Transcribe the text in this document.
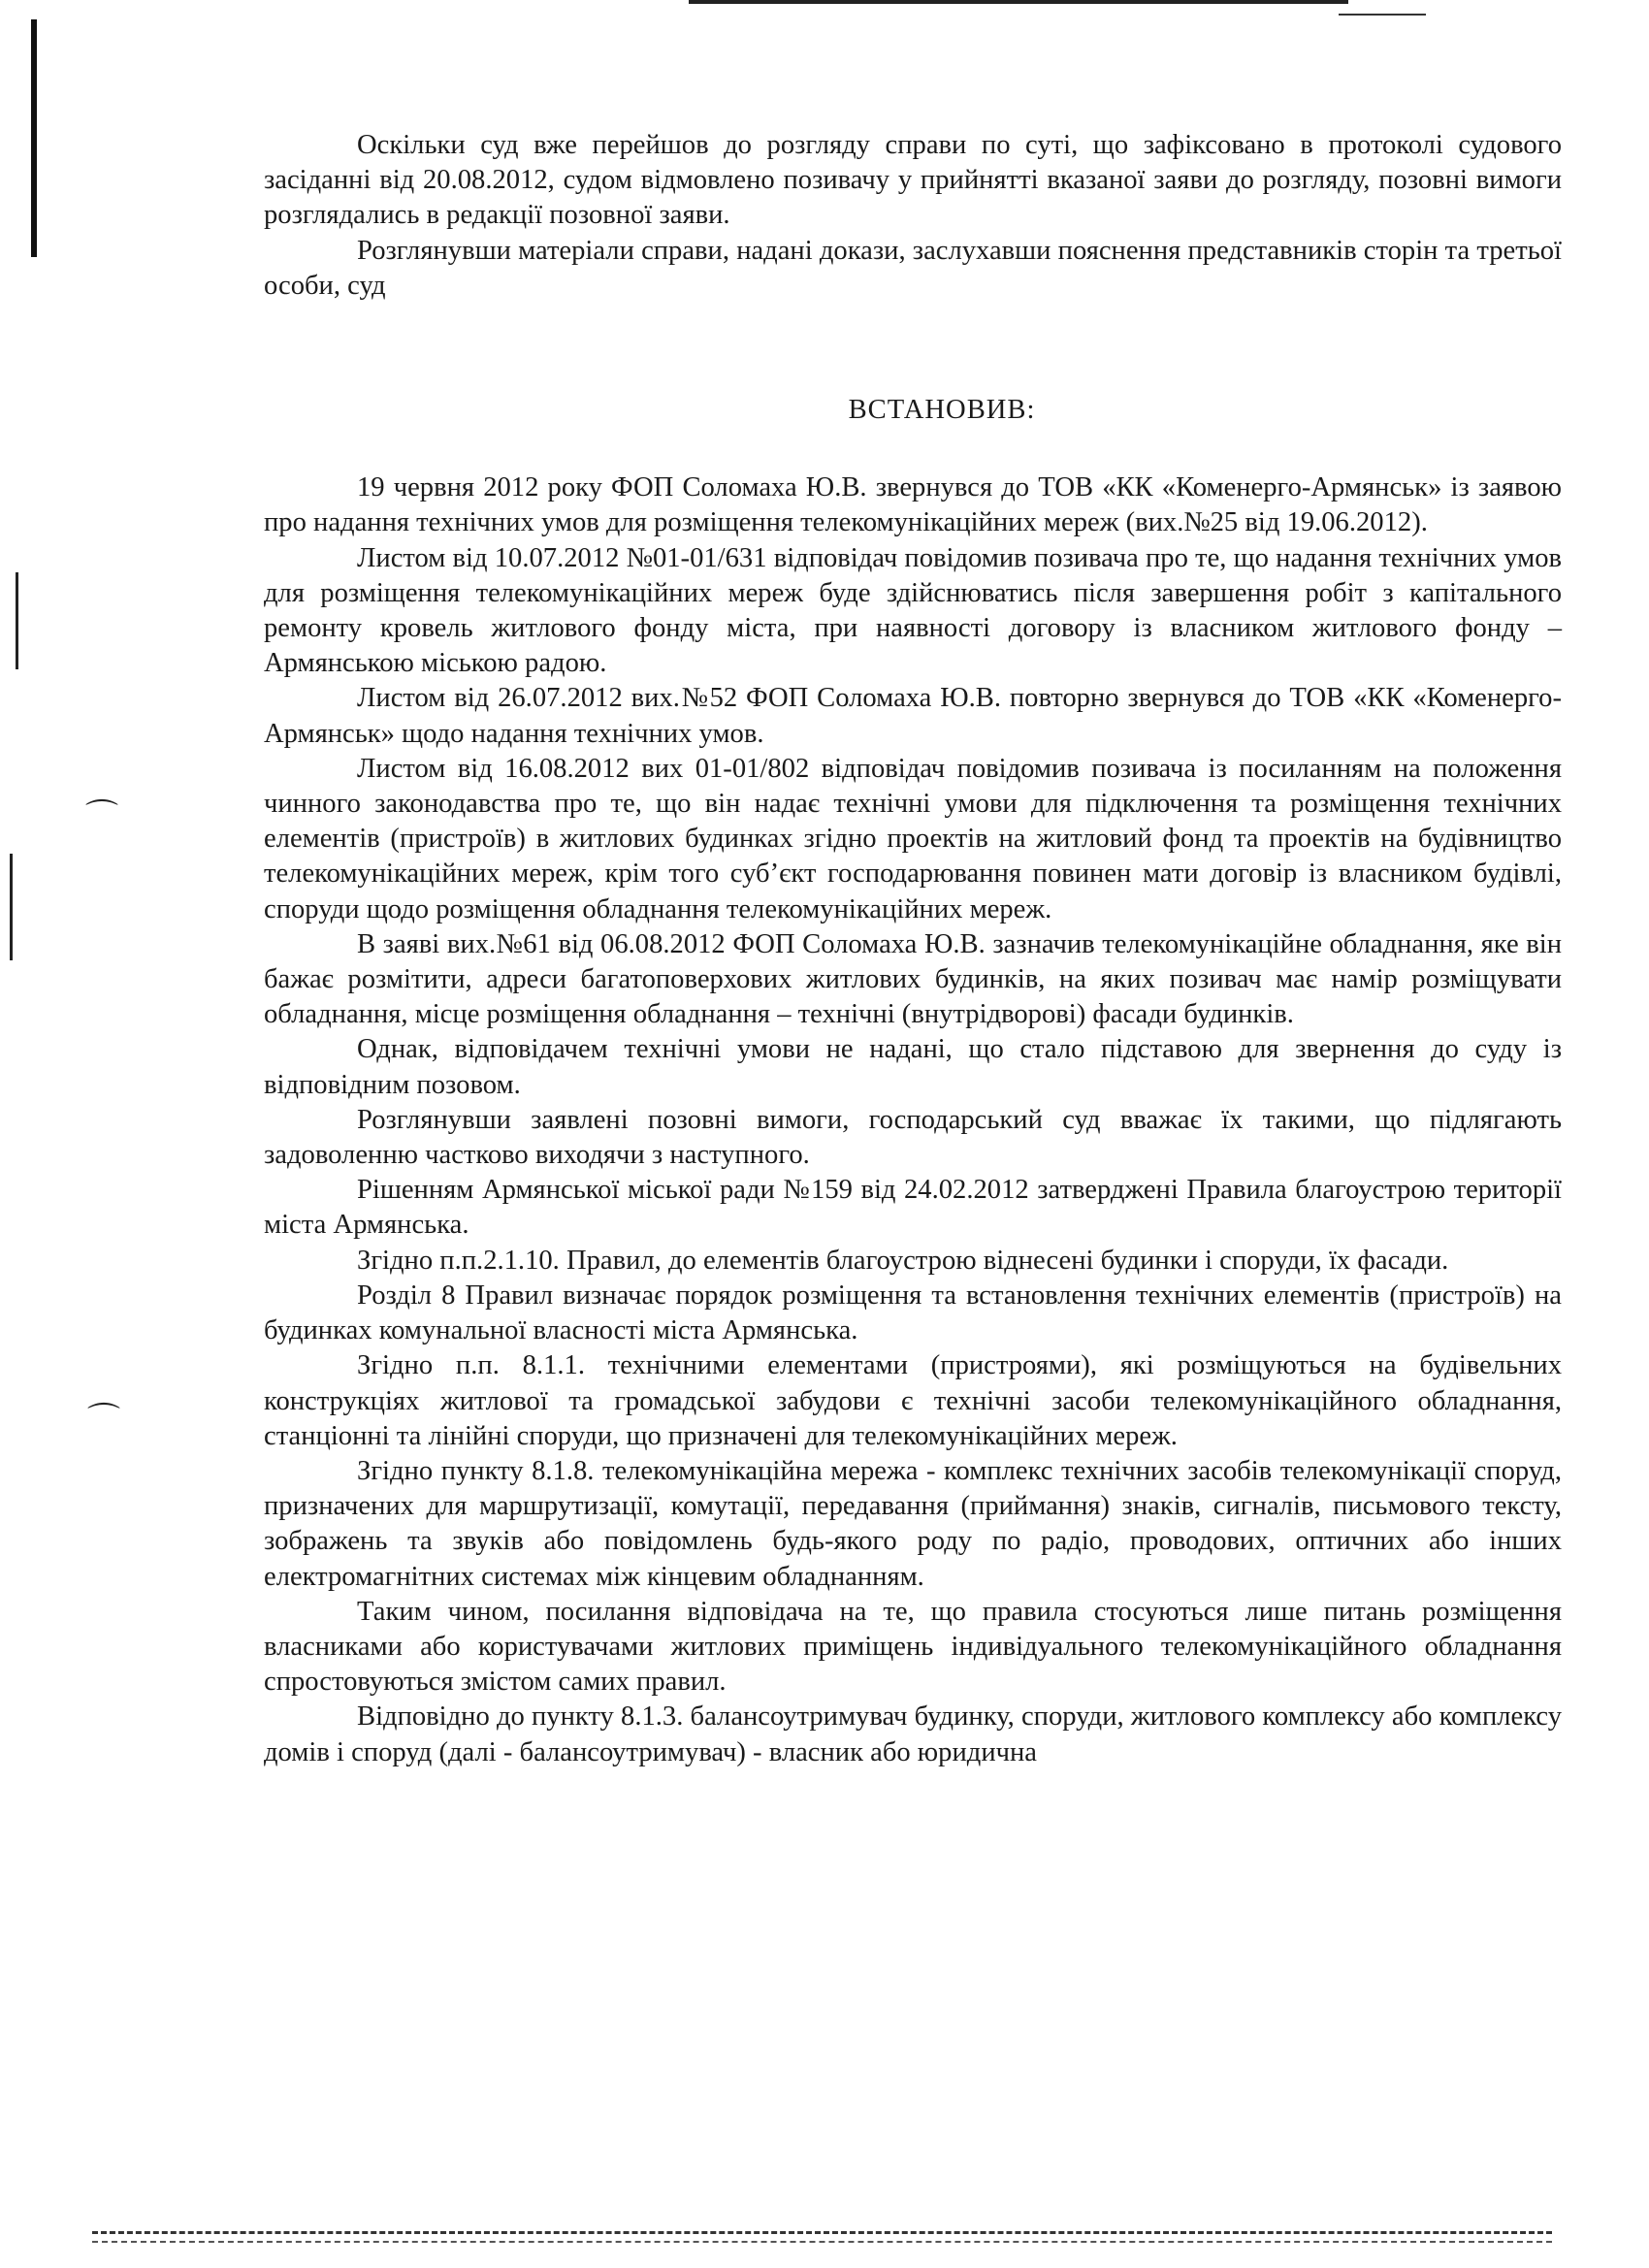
⌒
⌒

Оскільки суд вже перейшов до розгляду справи по суті, що зафіксовано в протоколі судового засіданні від 20.08.2012, судом відмовлено позивачу у прийнятті вказаної заяви до розгляду, позовні вимоги розглядались в редакції позовної заяви.

Розглянувши матеріали справи, надані докази, заслухавши пояснення представників сторін та третьої особи, суд

ВСТАНОВИВ:

19 червня 2012 року ФОП Соломаха Ю.В. звернувся до ТОВ «КК «Коменерго-Армянськ» із заявою про надання технічних умов для розміщення телекомунікаційних мереж (вих.№25 від 19.06.2012).

Листом від 10.07.2012 №01-01/631 відповідач повідомив позивача про те, що надання технічних умов для розміщення телекомунікаційних мереж буде здійснюватись після завершення робіт з капітального ремонту кровель житлового фонду міста, при наявності договору із власником житлового фонду – Армянською міською радою.

Листом від 26.07.2012 вих.№52 ФОП Соломаха Ю.В. повторно звернувся до ТОВ «КК «Коменерго-Армянськ» щодо надання технічних умов.

Листом від 16.08.2012 вих 01-01/802 відповідач повідомив позивача із посиланням на положення чинного законодавства про те, що він надає технічні умови для підключення та розміщення технічних елементів (пристроїв) в житлових будинках згідно проектів на житловий фонд та проектів на будівництво телекомунікаційних мереж, крім того суб’єкт господарювання повинен мати договір із власником будівлі, споруди щодо розміщення обладнання телекомунікаційних мереж.

В заяві вих.№61 від 06.08.2012 ФОП Соломаха Ю.В. зазначив телекомунікаційне обладнання, яке він бажає розмітити, адреси багатоповерхових житлових будинків, на яких позивач має намір розміщувати обладнання, місце розміщення обладнання – технічні (внутрідворові) фасади будинків.

Однак, відповідачем технічні умови не надані, що стало підставою для звернення до суду із відповідним позовом.

Розглянувши заявлені позовні вимоги, господарський суд вважає їх такими, що підлягають задоволенню частково виходячи з наступного.

Рішенням Армянської міської ради №159 від 24.02.2012 затверджені Правила благоустрою території міста Армянська.

Згідно п.п.2.1.10. Правил, до елементів благоустрою віднесені будинки і споруди, їх фасади.

Розділ 8 Правил визначає порядок розміщення та встановлення технічних елементів (пристроїв) на будинках комунальної власності міста Армянська.

Згідно п.п. 8.1.1. технічними елементами (пристроями), які розміщуються на будівельних конструкціях житлової та громадської забудови є технічні засоби телекомунікаційного обладнання, станціонні та лінійні споруди, що призначені для телекомунікаційних мереж.

Згідно пункту 8.1.8. телекомунікаційна мережа - комплекс технічних засобів телекомунікації споруд, призначених для маршрутизації, комутації, передавання (приймання) знаків, сигналів, письмового тексту, зображень та звуків або повідомлень будь-якого роду по радіо, проводових, оптичних або інших електромагнітних системах між кінцевим обладнанням.

Таким чином, посилання відповідача на те, що правила стосуються лише питань розміщення власниками або користувачами житлових приміщень індивідуального телекомунікаційного обладнання спростовуються змістом самих правил.

Відповідно до пункту 8.1.3. балансоутримувач будинку, споруди, житлового комплексу або комплексу домів і споруд (далі - балансоутримувач) - власник або юридична
